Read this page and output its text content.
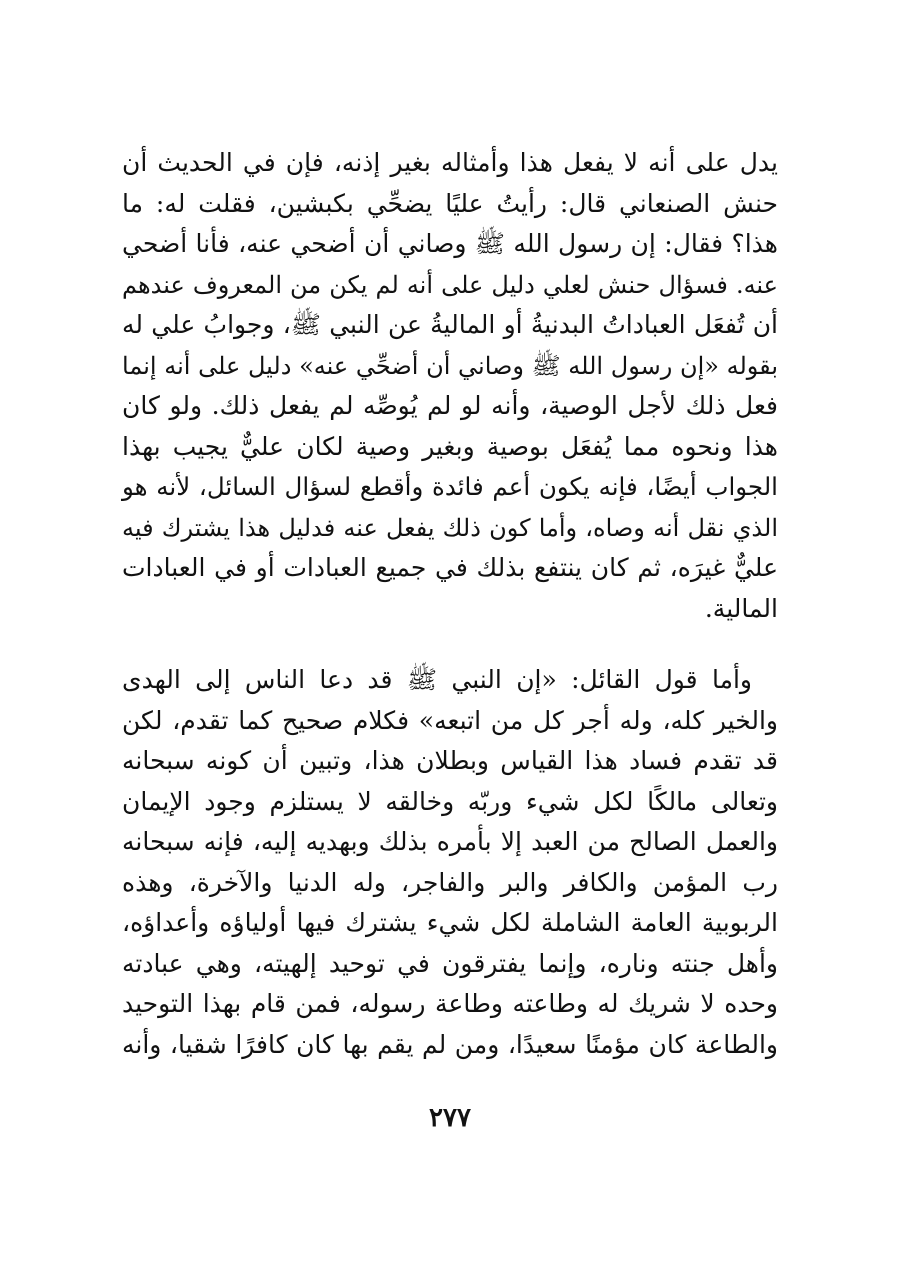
يدل على أنه لا يفعل هذا وأمثاله بغير إذنه، فإن في الحديث أن
حنش الصنعاني قال: رأيتُ عليًا يضحِّي بكبشين، فقلت له: ما
هذا؟ فقال: إن رسول الله ﷺ وصاني أن أضحي عنه، فأنا أضحي
عنه. فسؤال حنش لعلي دليل على أنه لم يكن من المعروف عندهم
أن تُفعَل العباداتُ البدنيةُ أو الماليةُ عن النبي ﷺ، وجوابُ علي له
بقوله «إن رسول الله ﷺ وصاني أن أضحِّي عنه» دليل على أنه إنما
فعل ذلك لأجل الوصية، وأنه لو لم يُوصِّه لم يفعل ذلك. ولو كان
هذا ونحوه مما يُفعَل بوصية وبغير وصية لكان عليٌّ يجيب بهذا
الجواب أيضًا، فإنه يكون أعم فائدة وأقطع لسؤال السائل، لأنه هو
الذي نقل أنه وصاه، وأما كون ذلك يفعل عنه فدليل هذا يشترك فيه
عليٌّ غيرَه، ثم كان ينتفع بذلك في جميع العبادات أو في العبادات
المالية.
وأما قول القائل: «إن النبي ﷺ قد دعا الناس إلى الهدى
والخير كله، وله أجر كل من اتبعه» فكلام صحيح كما تقدم، لكن
قد تقدم فساد هذا القياس وبطلان هذا، وتبين أن كونه سبحانه
وتعالى مالكًا لكل شيء وربّه وخالقه لا يستلزم وجود الإيمان
والعمل الصالح من العبد إلا بأمره بذلك وبهديه إليه، فإنه سبحانه
رب المؤمن والكافر والبر والفاجر، وله الدنيا والآخرة، وهذه
الربوبية العامة الشاملة لكل شيء يشترك فيها أولياؤه وأعداؤه،
وأهل جنته وناره، وإنما يفترقون في توحيد إلهيته، وهي عبادته
وحده لا شريك له وطاعته وطاعة رسوله، فمن قام بهذا التوحيد
والطاعة كان مؤمنًا سعيدًا، ومن لم يقم بها كان كافرًا شقيا، وأنه
٢٧٧
